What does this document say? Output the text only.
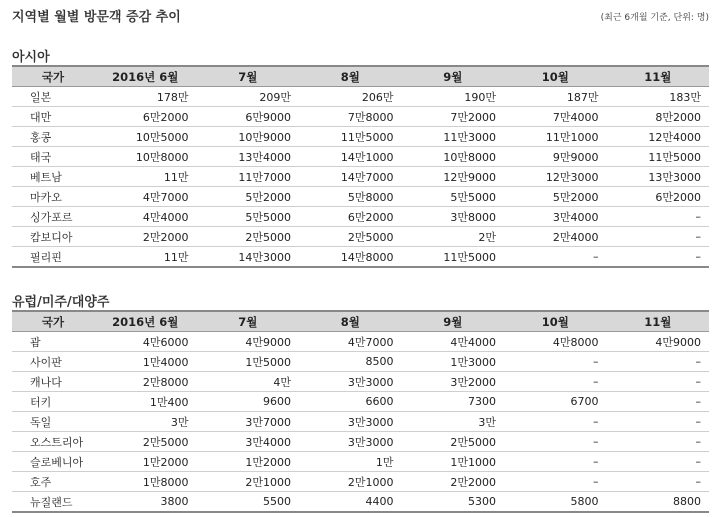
지역별 월별 방문객 증감 추이	(최근 6개월 기준, 단위: 명)
아시아
국가	2016년 6월	7월	8월	9월	10월	11월
일본	178만	209만	206만	190만	187만	183만
대만	6만2000	6만9000	7만8000	7만2000	7만4000	8만2000
홍콩	10만5000	10만9000	11만5000	11만3000	11만1000	12만4000
태국	10만8000	13만4000	14만1000	10만8000	9만9000	11만5000
베트남	11만	11만7000	14만7000	12만9000	12만3000	13만3000
마카오	4만7000	5만2000	5만8000	5만5000	5만2000	6만2000
싱가포르	4만4000	5만5000	6만2000	3만8000	3만4000	–
캄보디아	2만2000	2만5000	2만5000	2만	2만4000	–
필리핀	11만	14만3000	14만8000	11만5000	–	–
유럽/미주/대양주
국가	2016년 6월	7월	8월	9월	10월	11월
괌	4만6000	4만9000	4만7000	4만4000	4만8000	4만9000
사이판	1만4000	1만5000	8500	1만3000	–	–
캐나다	2만8000	4만	3만3000	3만2000	–	–
터키	1만400	9600	6600	7300	6700	–
독일	3만	3만7000	3만3000	3만	–	–
오스트리아	2만5000	3만4000	3만3000	2만5000	–	–
슬로베니아	1만2000	1만2000	1만	1만1000	–	–
호주	1만8000	2만1000	2만1000	2만2000	–	–
뉴질랜드	3800	5500	4400	5300	5800	8800
